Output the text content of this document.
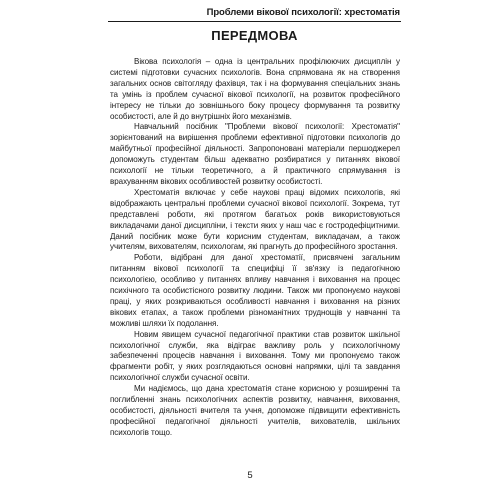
Проблеми вікової психології: хрестоматія
ПЕРЕДМОВА

Вікова психологія – одна із центральних профілюючих дисциплін у системі підготовки сучасних психологів. Вона спрямована як на створення загальних основ світогляду фахівця, так і на формування спеціальних знань та умінь із проблем сучасної вікової психології, на розвиток професійного інтересу не тільки до зовнішнього боку процесу формування та розвитку особистості, але й до внутрішніх його механізмів.

Навчальний посібник "Проблеми вікової психології: Хрестоматія" зорієнтований на вирішення проблеми ефективної підготовки психологів до майбутньої професійної діяльності. Запропоновані матеріали першоджерел допоможуть студентам більш адекватно розбиратися у питаннях вікової психології не тільки теоретичного, а й практичного спрямування із врахуванням вікових особливостей розвитку особистості.

Хрестоматія включає у себе наукові праці відомих психологів, які відображають центральні проблеми сучасної вікової психології. Зокрема, тут представлені роботи, які протягом багатьох років використовуються викладачами даної дисципліни, і тексти яких у наш час є гостродефіцитними. Даний посібник може бути корисним студентам, викладачам, а також учителям, вихователям, психологам, які прагнуть до професійного зростання.

Роботи, відібрані для даної хрестоматії, присвячені загальним питанням вікової психології та специфіці її зв'язку із педагогічною психологією, особливо у питаннях впливу навчання і виховання на процес психічного та особистісного розвитку людини. Також ми пропонуємо наукові праці, у яких розкриваються особливості навчання і виховання на різних вікових етапах, а також проблеми різноманітних труднощів у навчанні та можливі шляхи їх подолання.

Новим явищем сучасної педагогічної практики став розвиток шкільної психологічної служби, яка відіграє важливу роль у психологічному забезпеченні процесів навчання і виховання. Тому ми пропонуємо також фрагменти робіт, у яких розглядаються основні напрямки, цілі та завдання психологічної служби сучасної освіти.

Ми надіємось, що дана хрестоматія стане корисною у розширенні та поглибленні знань психологічних аспектів розвитку, навчання, виховання, особистості, діяльності вчителя та учня, допоможе підвищити ефективність професійної педагогічної діяльності учителів, вихователів, шкільних психологів тощо.

5
